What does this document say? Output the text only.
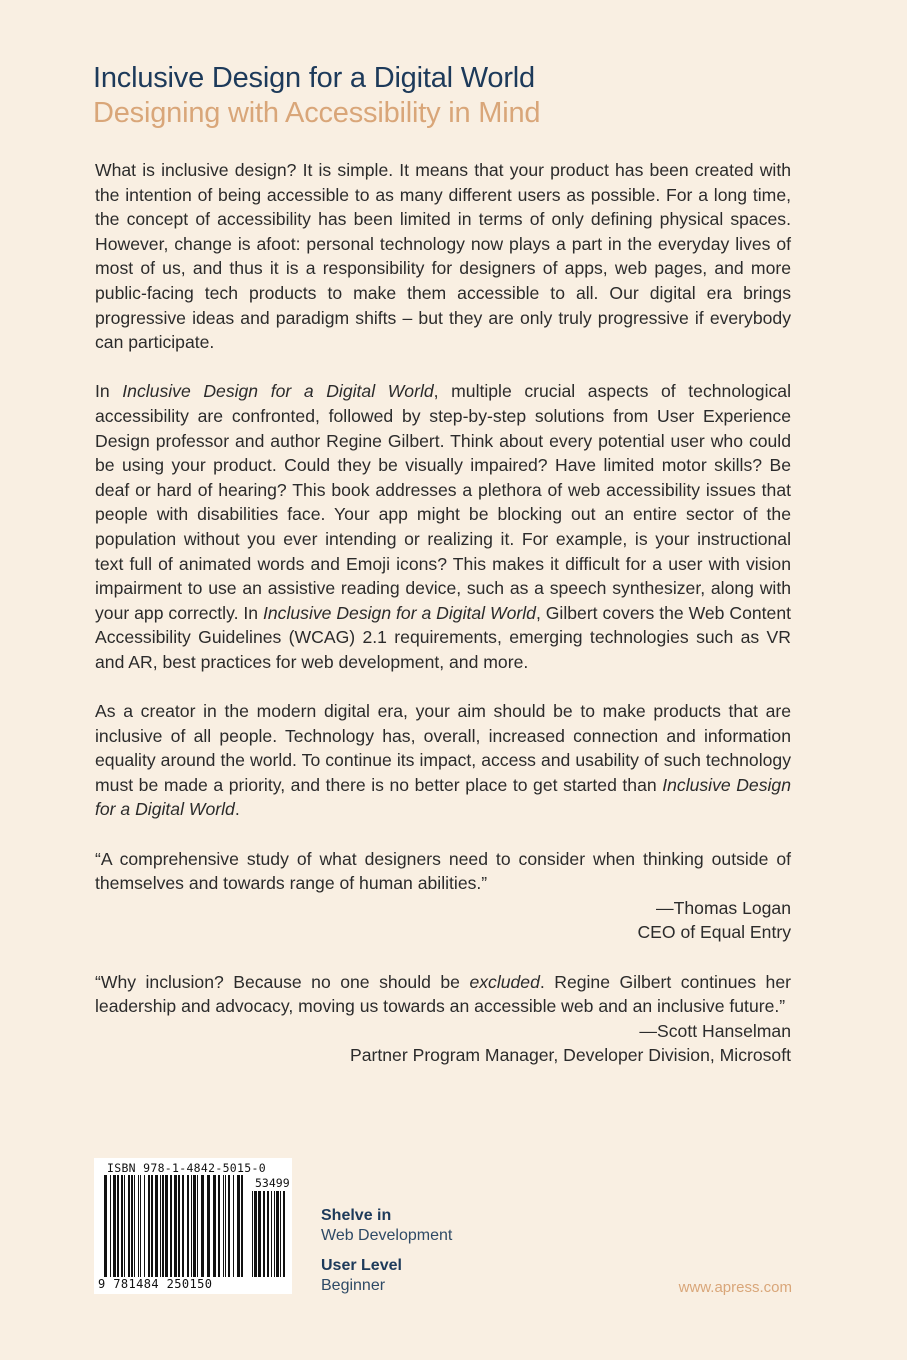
Inclusive Design for a Digital World
Designing with Accessibility in Mind

What is inclusive design? It is simple. It means that your product has been created with the intention of being accessible to as many different users as possible. For a long time, the concept of accessibility has been limited in terms of only defining physical spaces. However, change is afoot: personal technology now plays a part in the everyday lives of most of us, and thus it is a responsibility for designers of apps, web pages, and more public-facing tech products to make them accessible to all. Our digital era brings progressive ideas and paradigm shifts – but they are only truly progressive if everybody can participate.

In Inclusive Design for a Digital World, multiple crucial aspects of technological accessibility are confronted, followed by step-by-step solutions from User Experience Design professor and author Regine Gilbert. Think about every potential user who could be using your product. Could they be visually impaired? Have limited motor skills? Be deaf or hard of hearing? This book addresses a plethora of web accessibility issues that people with disabilities face. Your app might be blocking out an entire sector of the population without you ever intending or realizing it. For example, is your instructional text full of animated words and Emoji icons? This makes it difficult for a user with vision impairment to use an assistive reading device, such as a speech synthesizer, along with your app correctly. In Inclusive Design for a Digital World, Gilbert covers the Web Content Accessibility Guidelines (WCAG) 2.1 requirements, emerging technologies such as VR and AR, best practices for web development, and more.

As a creator in the modern digital era, your aim should be to make products that are inclusive of all people. Technology has, overall, increased connection and information equality around the world. To continue its impact, access and usability of such technology must be made a priority, and there is no better place to get started than Inclusive Design for a Digital World.

“A comprehensive study of what designers need to consider when thinking outside of themselves and towards range of human abilities.”

—Thomas Logan

CEO of Equal Entry

“Why inclusion? Because no one should be excluded. Regine Gilbert continues her leadership and advocacy, moving us towards an accessible web and an inclusive future.”

—Scott Hanselman

Partner Program Manager, Developer Division, Microsoft

ISBN 978-1-4842-5015-0
53499
9 781484 250150
Shelve in
Web Development
User Level
Beginner	www.apress.com
